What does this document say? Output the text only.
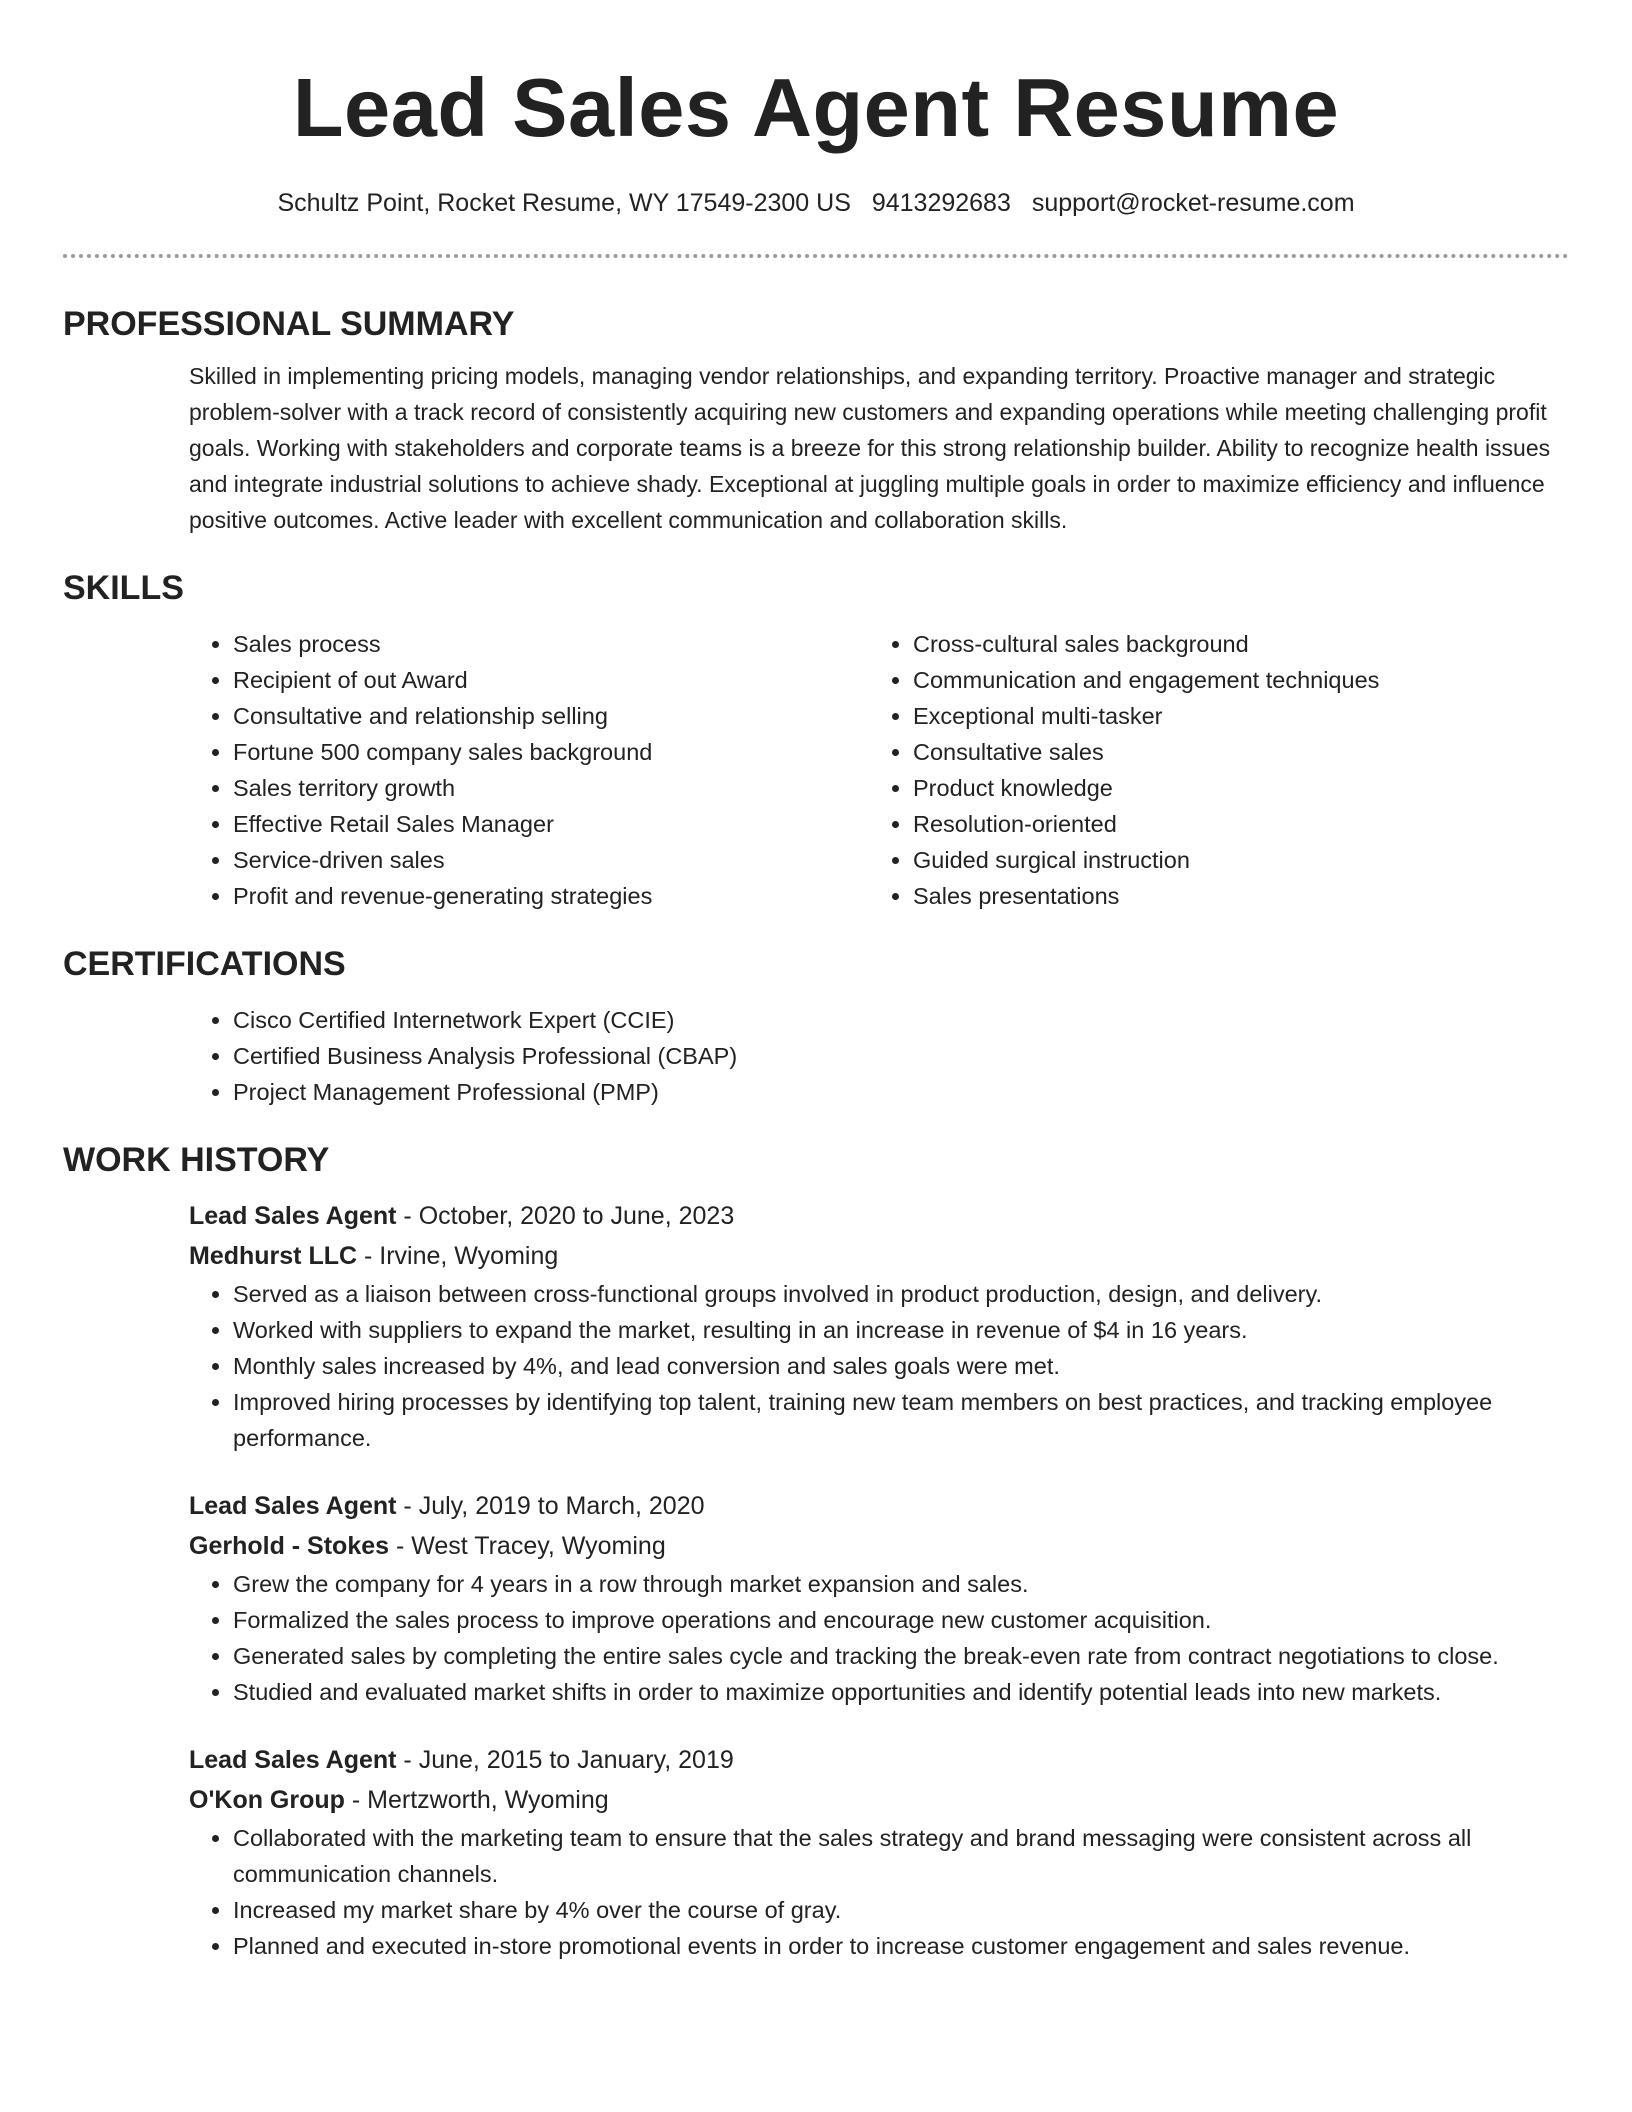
Lead Sales Agent Resume
Schultz Point, Rocket Resume, WY 17549-2300 US 9413292683 support@rocket-resume.com
PROFESSIONAL SUMMARY

Skilled in implementing pricing models, managing vendor relationships, and expanding territory. Proactive manager and strategic problem-solver with a track record of consistently acquiring new customers and expanding operations while meeting challenging profit goals. Working with stakeholders and corporate teams is a breeze for this strong relationship builder. Ability to recognize health issues and integrate industrial solutions to achieve shady. Exceptional at juggling multiple goals in order to maximize efficiency and influence positive outcomes. Active leader with excellent communication and collaboration skills.

SKILLS
• Sales process
• Recipient of out Award
• Consultative and relationship selling
• Fortune 500 company sales background
• Sales territory growth
• Effective Retail Sales Manager
• Service-driven sales
• Profit and revenue-generating strategies
• Cross-cultural sales background
• Communication and engagement techniques
• Exceptional multi-tasker
• Consultative sales
• Product knowledge
• Resolution-oriented
• Guided surgical instruction
• Sales presentations
CERTIFICATIONS
• Cisco Certified Internetwork Expert (CCIE)
• Certified Business Analysis Professional (CBAP)
• Project Management Professional (PMP)
WORK HISTORY
Lead Sales Agent - October, 2020 to June, 2023
Medhurst LLC - Irvine, Wyoming
• Served as a liaison between cross-functional groups involved in product production, design, and delivery.
• Worked with suppliers to expand the market, resulting in an increase in revenue of $4 in 16 years.
• Monthly sales increased by 4%, and lead conversion and sales goals were met.
• Improved hiring processes by identifying top talent, training new team members on best practices, and tracking employee performance.
Lead Sales Agent - July, 2019 to March, 2020
Gerhold - Stokes - West Tracey, Wyoming
• Grew the company for 4 years in a row through market expansion and sales.
• Formalized the sales process to improve operations and encourage new customer acquisition.
• Generated sales by completing the entire sales cycle and tracking the break-even rate from contract negotiations to close.
• Studied and evaluated market shifts in order to maximize opportunities and identify potential leads into new markets.
Lead Sales Agent - June, 2015 to January, 2019
O'Kon Group - Mertzworth, Wyoming
• Collaborated with the marketing team to ensure that the sales strategy and brand messaging were consistent across all communication channels.
• Increased my market share by 4% over the course of gray.
• Planned and executed in-store promotional events in order to increase customer engagement and sales revenue.
